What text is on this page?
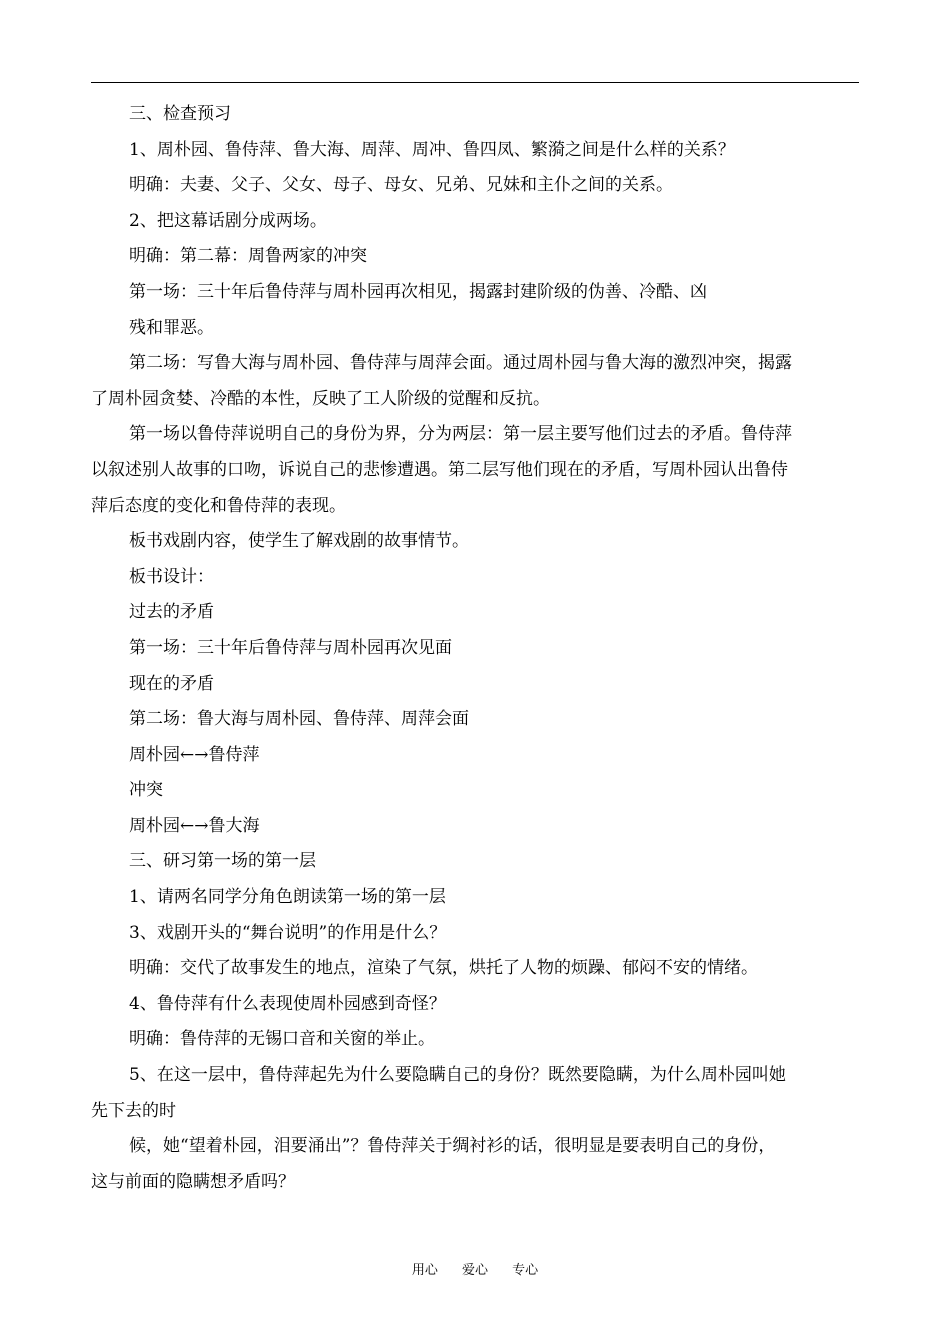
三、检查预习

1、周朴园、鲁侍萍、鲁大海、周萍、周冲、鲁四凤、繁漪之间是什么样的关系？

明确：夫妻、父子、父女、母子、母女、兄弟、兄妹和主仆之间的关系。

2、把这幕话剧分成两场。

明确：第二幕：周鲁两家的冲突

第一场：三十年后鲁侍萍与周朴园再次相见，揭露封建阶级的伪善、冷酷、凶

残和罪恶。

第二场：写鲁大海与周朴园、鲁侍萍与周萍会面。通过周朴园与鲁大海的激烈冲突，揭露

了周朴园贪婪、冷酷的本性，反映了工人阶级的觉醒和反抗。

第一场以鲁侍萍说明自己的身份为界，分为两层：第一层主要写他们过去的矛盾。鲁侍萍

以叙述别人故事的口吻，诉说自己的悲惨遭遇。第二层写他们现在的矛盾，写周朴园认出鲁侍

萍后态度的变化和鲁侍萍的表现。

板书戏剧内容，使学生了解戏剧的故事情节。

板书设计：

过去的矛盾

第一场：三十年后鲁侍萍与周朴园再次见面

现在的矛盾

第二场：鲁大海与周朴园、鲁侍萍、周萍会面

周朴园←→鲁侍萍

冲突

周朴园←→鲁大海

三、研习第一场的第一层

1、请两名同学分角色朗读第一场的第一层

3、戏剧开头的“舞台说明”的作用是什么？

明确：交代了故事发生的地点，渲染了气氛，烘托了人物的烦躁、郁闷不安的情绪。

4、鲁侍萍有什么表现使周朴园感到奇怪？

明确：鲁侍萍的无锡口音和关窗的举止。

5、在这一层中，鲁侍萍起先为什么要隐瞒自己的身份？既然要隐瞒，为什么周朴园叫她

先下去的时

候，她“望着朴园，泪要涌出”？鲁侍萍关于绸衬衫的话，很明显是要表明自己的身份，

这与前面的隐瞒想矛盾吗？

用心 爱心 专心
